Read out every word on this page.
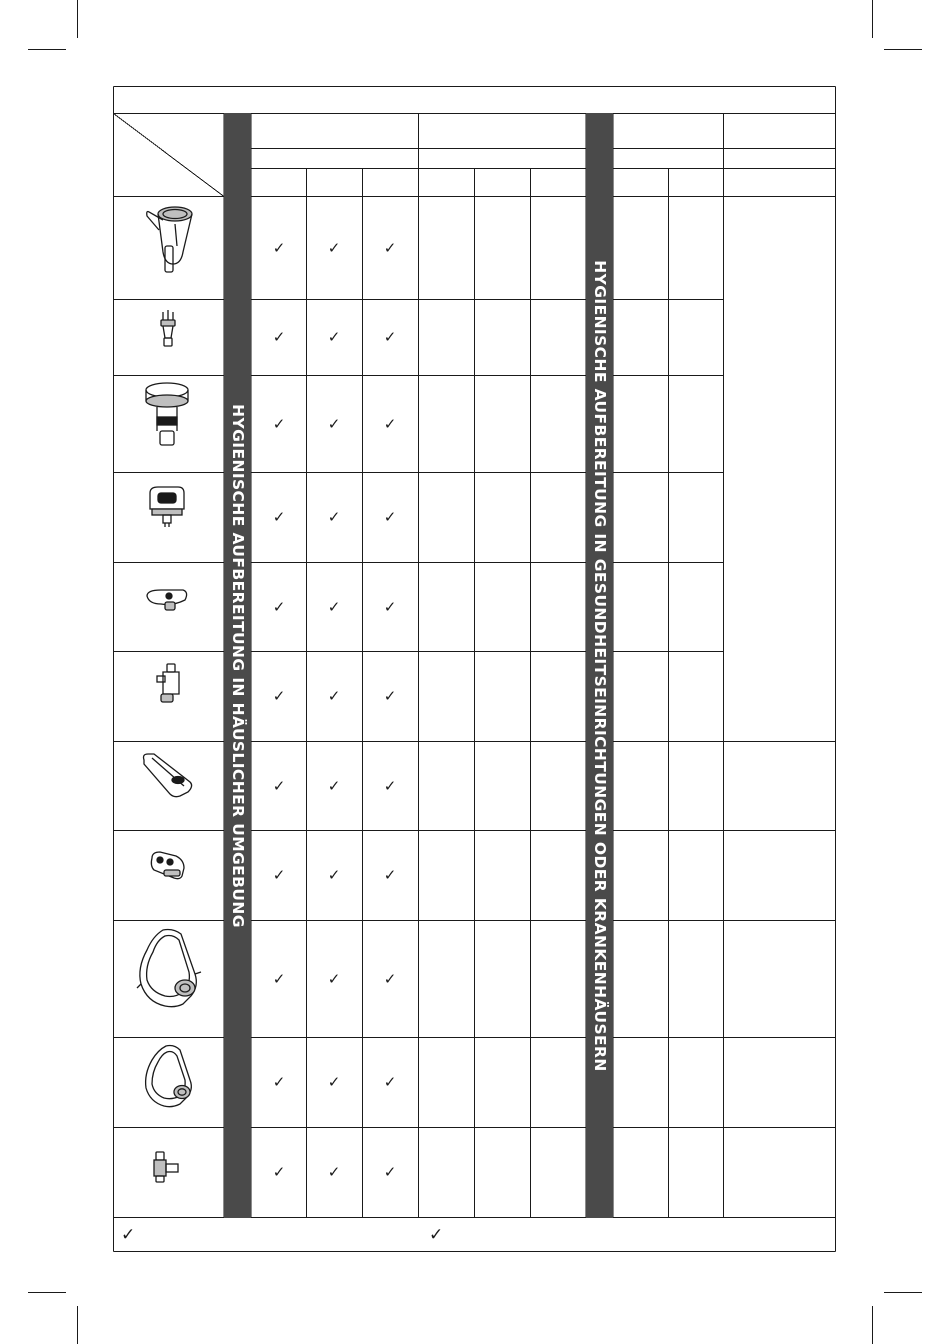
HYGIENISCHE AUFBEREITUNG IN HÄUSLICHER UMGEBUNG	HYGIENISCHE AUFBEREITUNG IN GESUNDHEITSEINRICHTUNGEN ODER KRANKENHÄUSERN
✓	✓	✓
✓	✓	✓
✓	✓	✓
✓	✓	✓
✓	✓	✓
✓	✓	✓
✓	✓	✓
✓	✓	✓
✓	✓	✓
✓	✓	✓
✓	✓	✓
✓	✓
